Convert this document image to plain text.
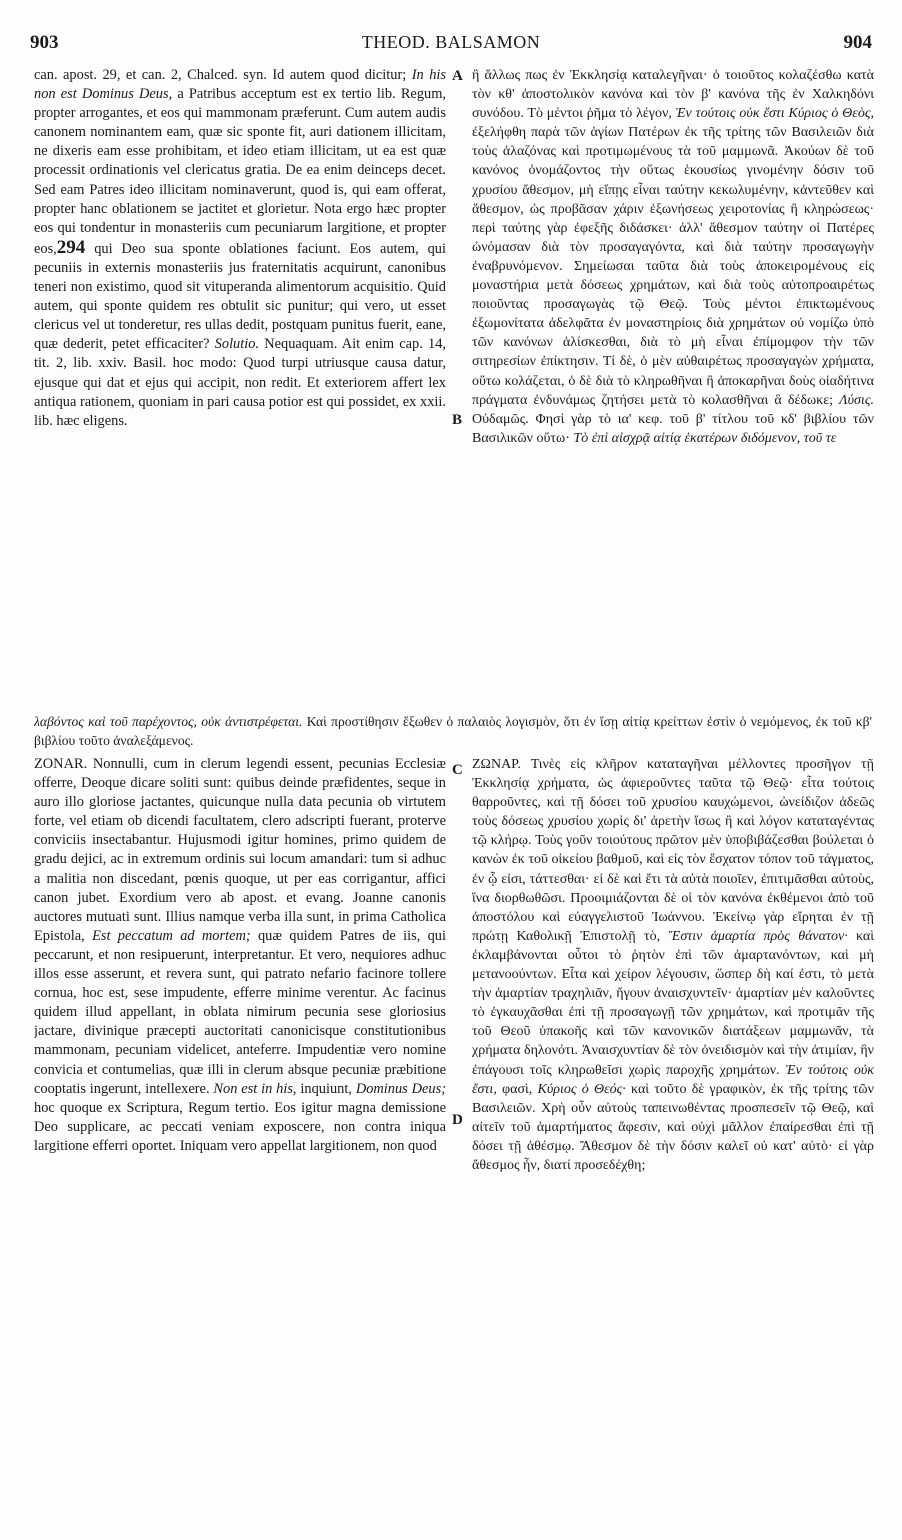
903	THEOD. BALSAMON	904
A
B
C
D

can. apost. 29, et can. 2, Chalced. syn. Id autem quod dicitur; In his non est Dominus Deus, a Patribus acceptum est ex tertio lib. Regum, propter arrogantes, et eos qui mammonam præferunt. Cum autem audis canonem nominantem eam, quæ sic sponte fit, auri dationem illicitam, ne dixeris eam esse prohibitam, et ideo etiam illicitam, ut ea est quæ processit ordinationis vel clericatus gratia. De ea enim deinceps decet. Sed eam Patres ideo illicitam nominaverunt, quod is, qui eam offerat, propter hanc oblationem se jactitet et glorietur. Nota ergo hæc propter eos qui tondentur in monasteriis cum pecuniarum largitione, et propter eos,294 qui Deo sua sponte oblationes faciunt. Eos autem, qui pecuniis in externis monasteriis jus fraternitatis acquirunt, canonibus teneri non existimo, quod sit vituperanda alimentorum acquisitio. Quid autem, qui sponte quidem res obtulit sic punitur; qui vero, ut esset clericus vel ut tonderetur, res ullas dedit, postquam punitus fuerit, eane, quæ dederit, petet efficaciter? Solutio. Nequaquam. Ait enim cap. 14, tit. 2, lib. xxiv. Basil. hoc modo: Quod turpi utriusque causa datur, ejusque qui dat et ejus qui accipit, non redit. Et exteriorem affert lex antiqua rationem, quoniam in pari causa potior est qui possidet, ex xxii. lib. hæc eligens.

ἢ ἄλλως πως ἐν Ἐκκλησίᾳ καταλεγῆναι· ὁ τοιοῦτος κολαζέσθω κατὰ τὸν κθ' ἀποστολικὸν κανόνα καὶ τὸν β' κανόνα τῆς ἐν Χαλκηδόνι συνόδου. Τὸ μέντοι ῥῆμα τὸ λέγον, Ἐν τούτοις οὐκ ἔστι Κύριος ὁ Θεὸς, ἐξελήφθη παρὰ τῶν ἁγίων Πατέρων ἐκ τῆς τρίτης τῶν Βασιλειῶν διὰ τοὺς ἀλαζόνας καὶ προτιμωμένους τὰ τοῦ μαμμωνᾶ. Ἀκούων δὲ τοῦ κανόνος ὀνομάζοντος τὴν οὕτως ἑκουσίως γινομένην δόσιν τοῦ χρυσίου ἄθεσμον, μὴ εἴπῃς εἶναι ταύτην κεκωλυμένην, κἀντεῦθεν καὶ ἄθεσμον, ὡς προβᾶσαν χάριν ἐξωνήσεως χειροτονίας ἢ κληρώσεως· περὶ ταύτης γὰρ ἐφεξῆς διδάσκει· ἀλλ' ἄθεσμον ταύτην οἱ Πατέρες ὠνόμασαν διὰ τὸν προσαγαγόντα, καὶ διὰ ταύτην προσαγωγὴν ἐναβρυνόμενον. Σημείωσαι ταῦτα διὰ τοὺς ἀποκειρομένους εἰς μοναστήρια μετὰ δόσεως χρημάτων, καὶ διὰ τοὺς αὐτοπροαιρέτως ποιοῦντας προσαγωγὰς τῷ Θεῷ. Τοὺς μέντοι ἐπικτωμένους ἐξωμονίτατα ἀδελφᾶτα ἐν μοναστηρίοις διὰ χρημάτων οὐ νομίζω ὑπὸ τῶν κανόνων ἁλίσκεσθαι, διὰ τὸ μὴ εἶναι ἐπίμομφον τὴν τῶν σιτηρεσίων ἐπίκτησιν. Τί δὲ, ὁ μὲν αὐθαιρέτως προσαγαγὼν χρήματα, οὕτω κολάζεται, ὁ δὲ διὰ τὸ κληρωθῆναι ἢ ἀποκαρῆναι δοὺς οἱαδήτινα πράγματα ἐνδυνάμως ζητήσει μετὰ τὸ κολασθῆναι ἃ δέδωκε; Λύσις. Οὐδαμῶς. Φησὶ γὰρ τὸ ια' κεφ. τοῦ β' τίτλου τοῦ κδ' βιβλίου τῶν Βασιλικῶν οὕτω· Τὸ ἐπὶ αἰσχρᾷ αἰτίᾳ ἑκατέρων διδόμενον, τοῦ τε

λαβόντος καὶ τοῦ παρέχοντος, οὐκ ἀντιστρέφεται. Καὶ προστίθησιν ἔξωθεν ὁ παλαιὸς λογισμὸν, ὅτι ἐν ἴσῃ αἰτίᾳ κρείττων ἐστὶν ὁ νεμόμενος, ἐκ τοῦ κβ' βιβλίου τοῦτο ἀναλεξάμενος.

ZONAR. Nonnulli, cum in clerum legendi essent, pecunias Ecclesiæ offerre, Deoque dicare soliti sunt: quibus deinde præfidentes, seque in auro illo gloriose jactantes, quicunque nulla data pecunia ob virtutem forte, vel etiam ob dicendi facultatem, clero adscripti fuerant, proterve conviciis insectabantur. Hujusmodi igitur homines, primo quidem de gradu dejici, ac in extremum ordinis sui locum amandari: tum si adhuc a malitia non discedant, pœnis quoque, ut per eas corrigantur, affici canon jubet. Exordium vero ab apost. et evang. Joanne canonis auctores mutuati sunt. Illius namque verba illa sunt, in prima Catholica Epistola, Est peccatum ad mortem; quæ quidem Patres de iis, qui peccarunt, et non resipuerunt, interpretantur. Et vero, nequiores adhuc illos esse asserunt, et revera sunt, qui patrato nefario facinore tollere cornua, hoc est, sese impudente, efferre minime verentur. Ac facinus quidem illud appellant, in oblata nimirum pecunia sese gloriosius jactare, divinique præcepti auctoritati canonicisque constitutionibus mammonam, pecuniam videlicet, anteferre. Impudentiæ vero nomine convicia et contumelias, quæ illi in clerum absque pecuniæ præbitione cooptatis ingerunt, intellexere. Non est in his, inquiunt, Dominus Deus; hoc quoque ex Scriptura, Regum tertio. Eos igitur magna demissione Deo supplicare, ac peccati veniam exposcere, non contra iniqua largitione efferri oportet. Iniquam vero appellat largitionem, non quod

ΖΩΝΑΡ. Τινὲς εἰς κλῆρον καταταγῆναι μέλλοντες προσῆγον τῇ Ἐκκλησίᾳ χρήματα, ὡς ἀφιεροῦντες ταῦτα τῷ Θεῷ· εἶτα τούτοις θαρροῦντες, καὶ τῇ δόσει τοῦ χρυσίου καυχώμενοι, ὠνείδιζον ἀδεῶς τοὺς δόσεως χρυσίου χωρὶς δι' ἀρετὴν ἴσως ἢ καὶ λόγον καταταγέντας τῷ κλήρῳ. Τοὺς γοῦν τοιούτους πρῶτον μὲν ὑποβιβάζεσθαι βούλεται ὁ κανὼν ἐκ τοῦ οἰκείου βαθμοῦ, καὶ εἰς τὸν ἔσχατον τόπον τοῦ τάγματος, ἐν ᾧ εἰσι, τάττεσθαι· εἰ δὲ καὶ ἔτι τὰ αὐτὰ ποιοῖεν, ἐπιτιμᾶσθαι αὐτοὺς, ἵνα διορθωθῶσι. Προοιμιάζονται δὲ οἱ τὸν κανόνα ἐκθέμενοι ἀπὸ τοῦ ἀποστόλου καὶ εὐαγγελιστοῦ Ἰωάννου. Ἐκείνῳ γὰρ εἴρηται ἐν τῇ πρώτῃ Καθολικῇ Ἐπιστολῇ τὸ, Ἔστιν ἁμαρτία πρὸς θάνατον· καὶ ἐκλαμβάνονται οὗτοι τὸ ῥητὸν ἐπὶ τῶν ἁμαρτανόντων, καὶ μὴ μετανοούντων. Εἶτα καὶ χείρον λέγουσιν, ὥσπερ δὴ καί ἐστι, τὸ μετὰ τὴν ἁμαρτίαν τραχηλιᾶν, ἤγουν ἀναισχυντεῖν· ἁμαρτίαν μὲν καλοῦντες τὸ ἐγκαυχᾶσθαι ἐπὶ τῇ προσαγωγῇ τῶν χρημάτων, καὶ προτιμᾶν τῆς τοῦ Θεοῦ ὑπακοῆς καὶ τῶν κανονικῶν διατάξεων μαμμωνᾶν, τὰ χρήματα δηλονότι. Ἀναισχυντίαν δὲ τὸν ὀνειδισμὸν καὶ τὴν ἀτιμίαν, ἣν ἐπάγουσι τοῖς κληρωθεῖσι χωρὶς παροχῆς χρημάτων. Ἐν τούτοις οὐκ ἔστι, φασὶ, Κύριος ὁ Θεός· καὶ τοῦτο δὲ γραφικὸν, ἐκ τῆς τρίτης τῶν Βασιλειῶν. Χρὴ οὖν αὐτοὺς ταπεινωθέντας προσπεσεῖν τῷ Θεῷ, καὶ αἰτεῖν τοῦ ἁμαρτήματος ἄφεσιν, καὶ οὐχὶ μᾶλλον ἐπαίρεσθαι ἐπὶ τῇ δόσει τῇ ἀθέσμῳ. Ἄθεσμον δὲ τὴν δόσιν καλεῖ οὐ κατ' αὐτὸ· εἰ γὰρ ἄθεσμος ἦν, διατί προσεδέχθη;
